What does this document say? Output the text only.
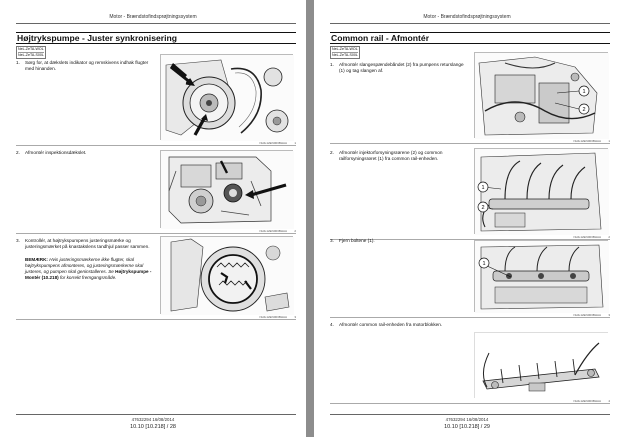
Motor - Brændstofindsprøjtningssystem
Højtrykspumpe - Juster synkronisering
NeL-ZeTA-WOL
NeL-ZeTA-S00L
1. Sørg for, at dækslets indikator og remskivens indhak flugter med hinanden.
NHIL12EN003BHAA 1
2. Afmontér inspektionsdækslet.
NHIL12EN003BHAA 2
3. Kontrollér, at højtrykspumpens justeringsmærke og justeringsmærket på knastakslens tandhjul passer sammen.
BEMÆRK: Hvis justeringsmærkerne ikke flugter, skal højtrykspumpens afmonteres, og justeringsmærkerne skal justeres, og pumpen skal geninstalleres. Se Højtrykspumpe - Montér (10.218) for korrekt fremgangsmåde.
NHIL12EN003BHAA 3
47632294 16/08/2014
10.10 [10.218] / 28
Motor - Brændstofindsprøjtningssystem
Common rail - Afmontér
NeL-ZeTA-WOL
NeL-ZeTA-S00L
1. Afmontér slangespændebåndet (2) fra pumpens returslange (1) og tag slangen af.
1
2
NHIL12EN003BHAA 1
2. Afmontér injektorforsyningsrørene (2) og common railforsyningsrøret (1) fra common rail-enheden.
1
2
NHIL12EN003BHAA 2
3. Fjern boltene (1).
1
NHIL12EN003BHAA 3
4. Afmontér common rail-enheden fra motorblokken.
NHIL12EN003BHAA 4
47632294 16/08/2014
10.10 [10.218] / 29
